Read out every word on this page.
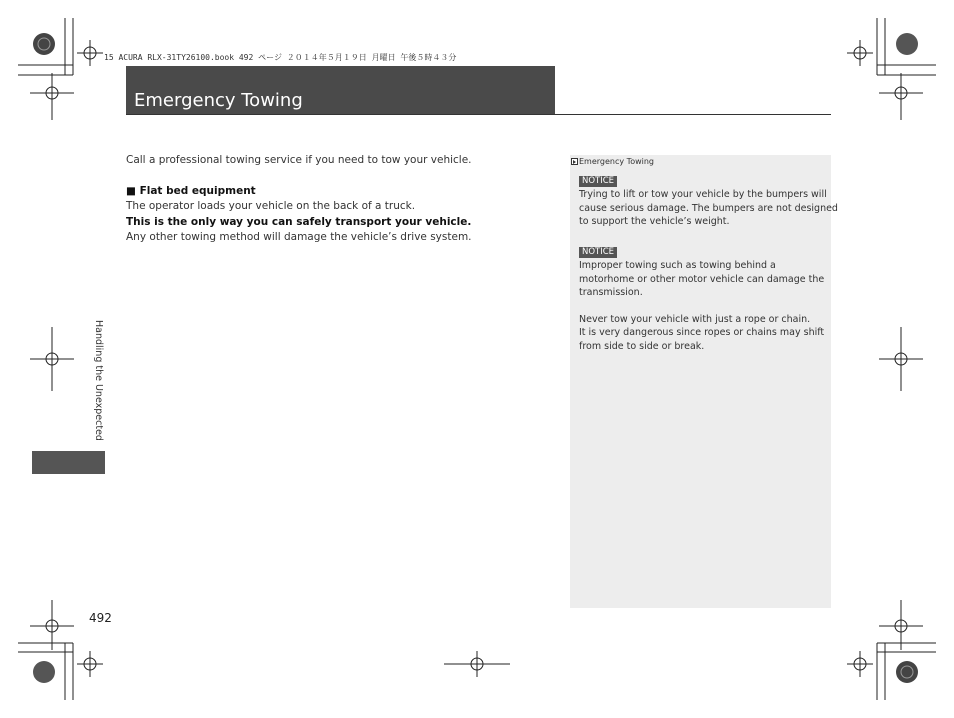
15 ACURA RLX-31TY26100.book 492 ページ ２０１４年５月１９日 月曜日 午後５時４３分
Emergency Towing
Call a professional towing service if you need to tow your vehicle.
■ Flat bed equipment
The operator loads your vehicle on the back of a truck.
This is the only way you can safely transport your vehicle.
Any other towing method will damage the vehicle’s drive system.
Emergency Towing
NOTICE
Trying to lift or tow your vehicle by the bumpers will
cause serious damage. The bumpers are not designed
to support the vehicle’s weight.
NOTICE
Improper towing such as towing behind a
motorhome or other motor vehicle can damage the
transmission.
Never tow your vehicle with just a rope or chain.
It is very dangerous since ropes or chains may shift
from side to side or break.
Handling the Unexpected
492
